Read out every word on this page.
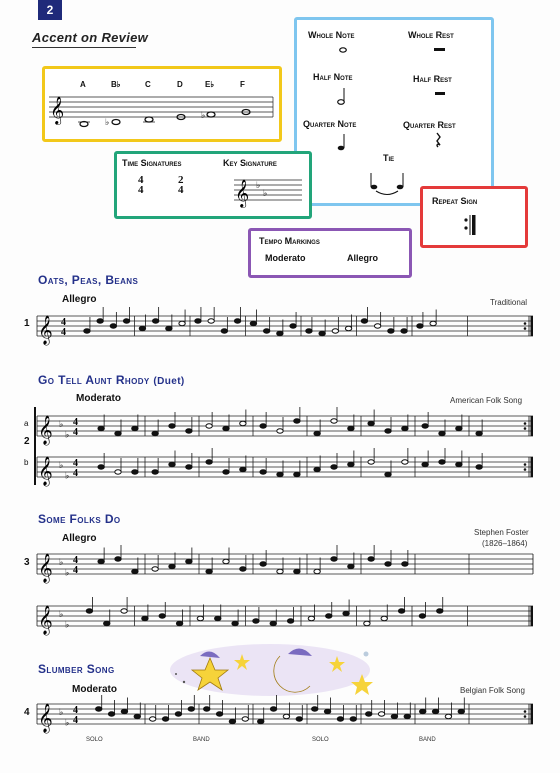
2
Accent on Review
A	B♭	C	D	E♭	F
𝄞	♭
♭
Whole Note	Whole Rest
Half Note	Half Rest
Quarter Note	Quarter Rest
Tie
Time Signatures	Key Signature
4
4
2
4 𝄞 ♭
♭
Repeat Sign
Tempo Markings
Moderato	Allegro
Oats, Peas, Beans
Allegro	Traditional
1 𝄞 4
4
Go Tell Aunt Rhody (Duet)
Moderato	American Folk Song
a
2
b
𝄞 ♭
♭
4
4
𝄞 ♭
♭
4
4
Some Folks Do
Allegro
Stephen Foster
(1826–1864)
3 𝄞 ♭
♭
4
4
𝄞 ♭
♭
Slumber Song
Moderato	Belgian Folk Song
4 𝄞 ♭
♭
4
4
SOLO	BAND	SOLO	BAND
